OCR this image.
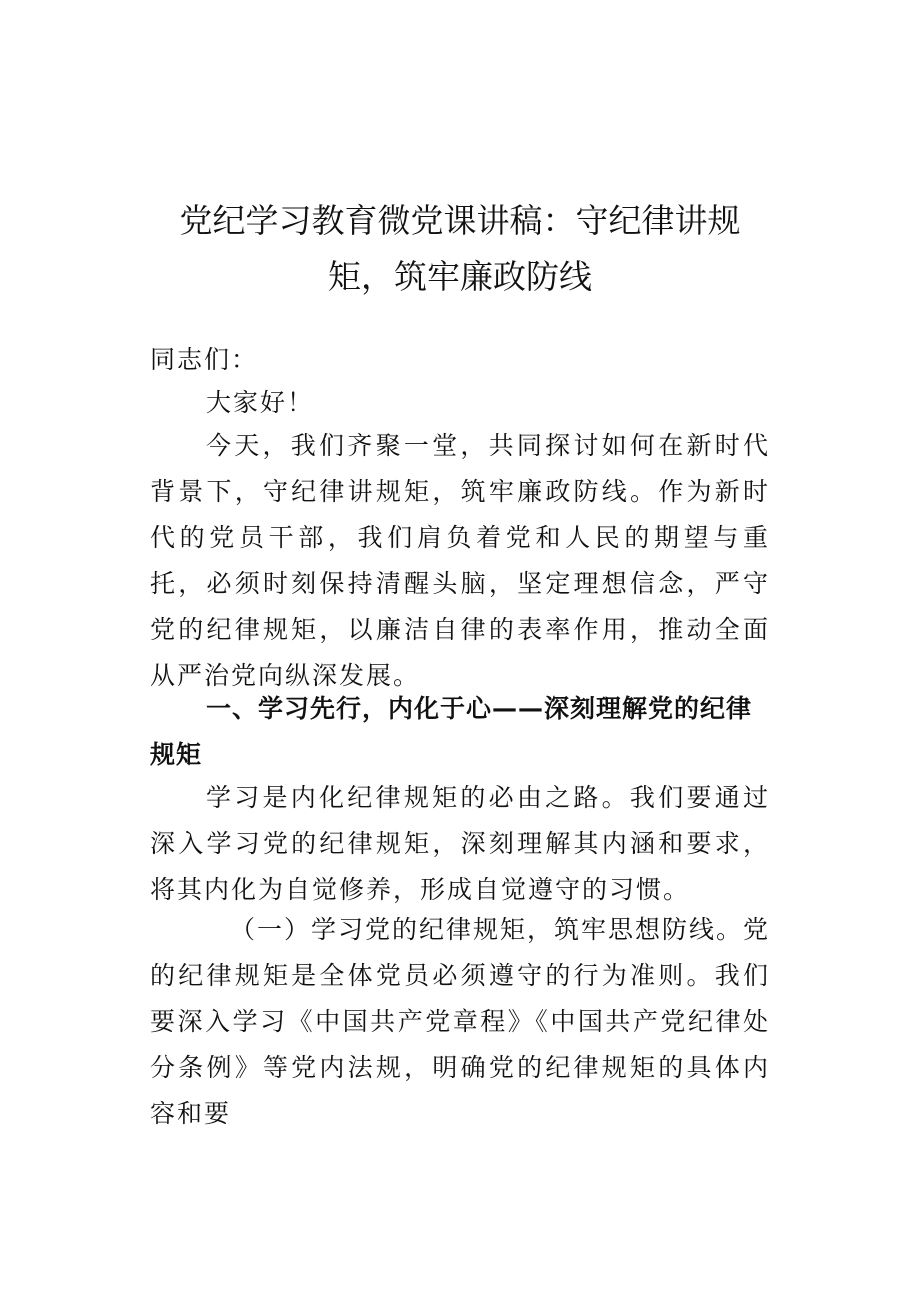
党纪学习教育微党课讲稿：守纪律讲规矩，筑牢廉政防线

同志们：

大家好！

今天，我们齐聚一堂，共同探讨如何在新时代背景下，守纪律讲规矩，筑牢廉政防线。作为新时代的党员干部，我们肩负着党和人民的期望与重托，必须时刻保持清醒头脑，坚定理想信念，严守党的纪律规矩，以廉洁自律的表率作用，推动全面从严治党向纵深发展。

一、学习先行，内化于心——深刻理解党的纪律规矩

学习是内化纪律规矩的必由之路。我们要通过深入学习党的纪律规矩，深刻理解其内涵和要求，将其内化为自觉修养，形成自觉遵守的习惯。

（一）学习党的纪律规矩，筑牢思想防线。党的纪律规矩是全体党员必须遵守的行为准则。我们要深入学习《中国共产党章程》《中国共产党纪律处分条例》等党内法规，明确党的纪律规矩的具体内容和要
